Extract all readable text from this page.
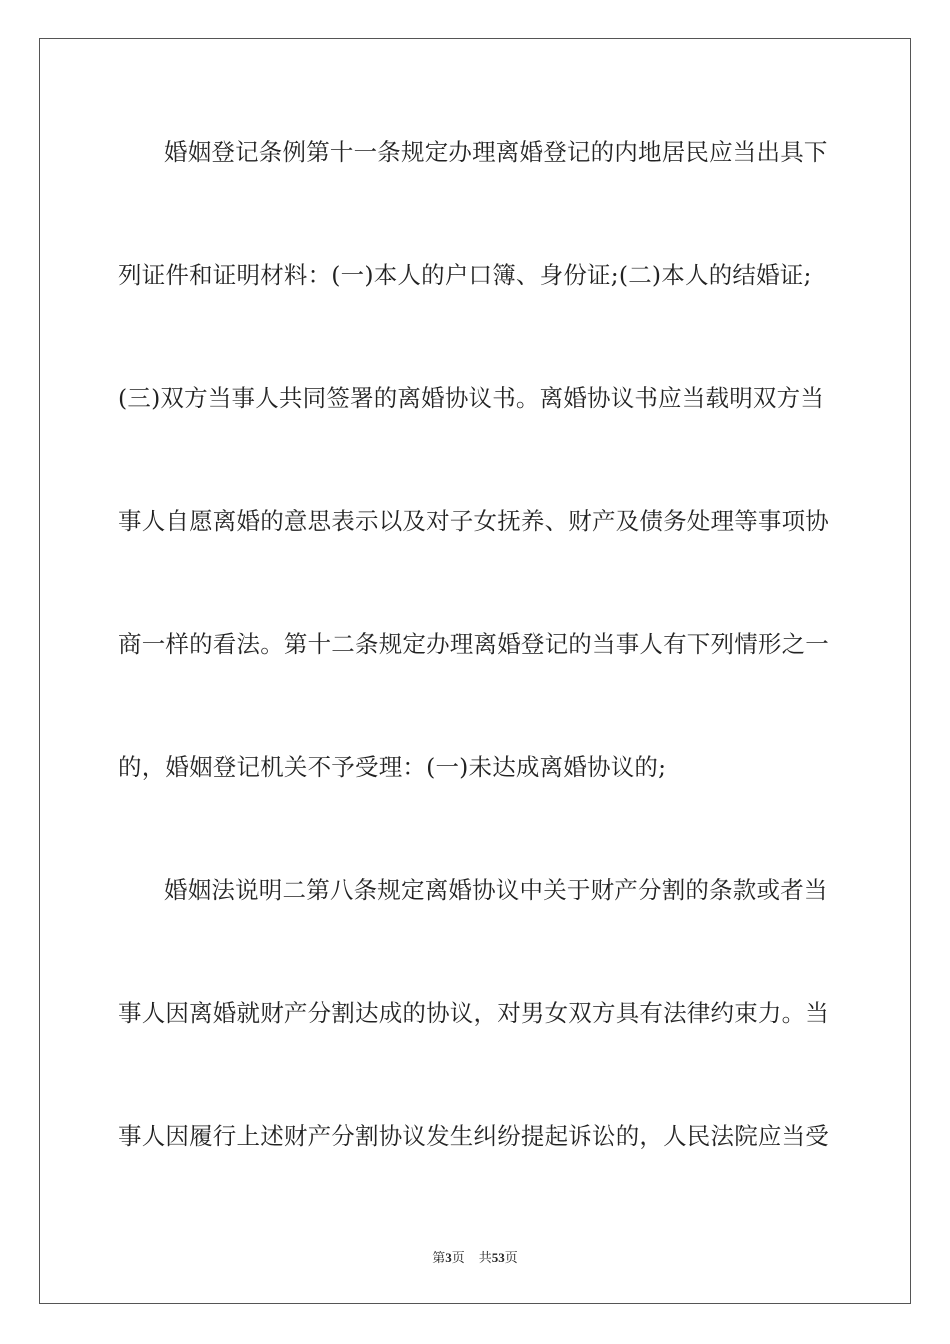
婚姻登记条例第十一条规定办理离婚登记的内地居民应当出具下
列证件和证明材料：(一)本人的户口簿、身份证;(二)本人的结婚证;
(三)双方当事人共同签署的离婚协议书。离婚协议书应当载明双方当
事人自愿离婚的意思表示以及对子女抚养、财产及债务处理等事项协
商一样的看法。第十二条规定办理离婚登记的当事人有下列情形之一
的，婚姻登记机关不予受理：(一)未达成离婚协议的;
婚姻法说明二第八条规定离婚协议中关于财产分割的条款或者当
事人因离婚就财产分割达成的协议，对男女双方具有法律约束力。当
事人因履行上述财产分割协议发生纠纷提起诉讼的，人民法院应当受
第3页 共53页
